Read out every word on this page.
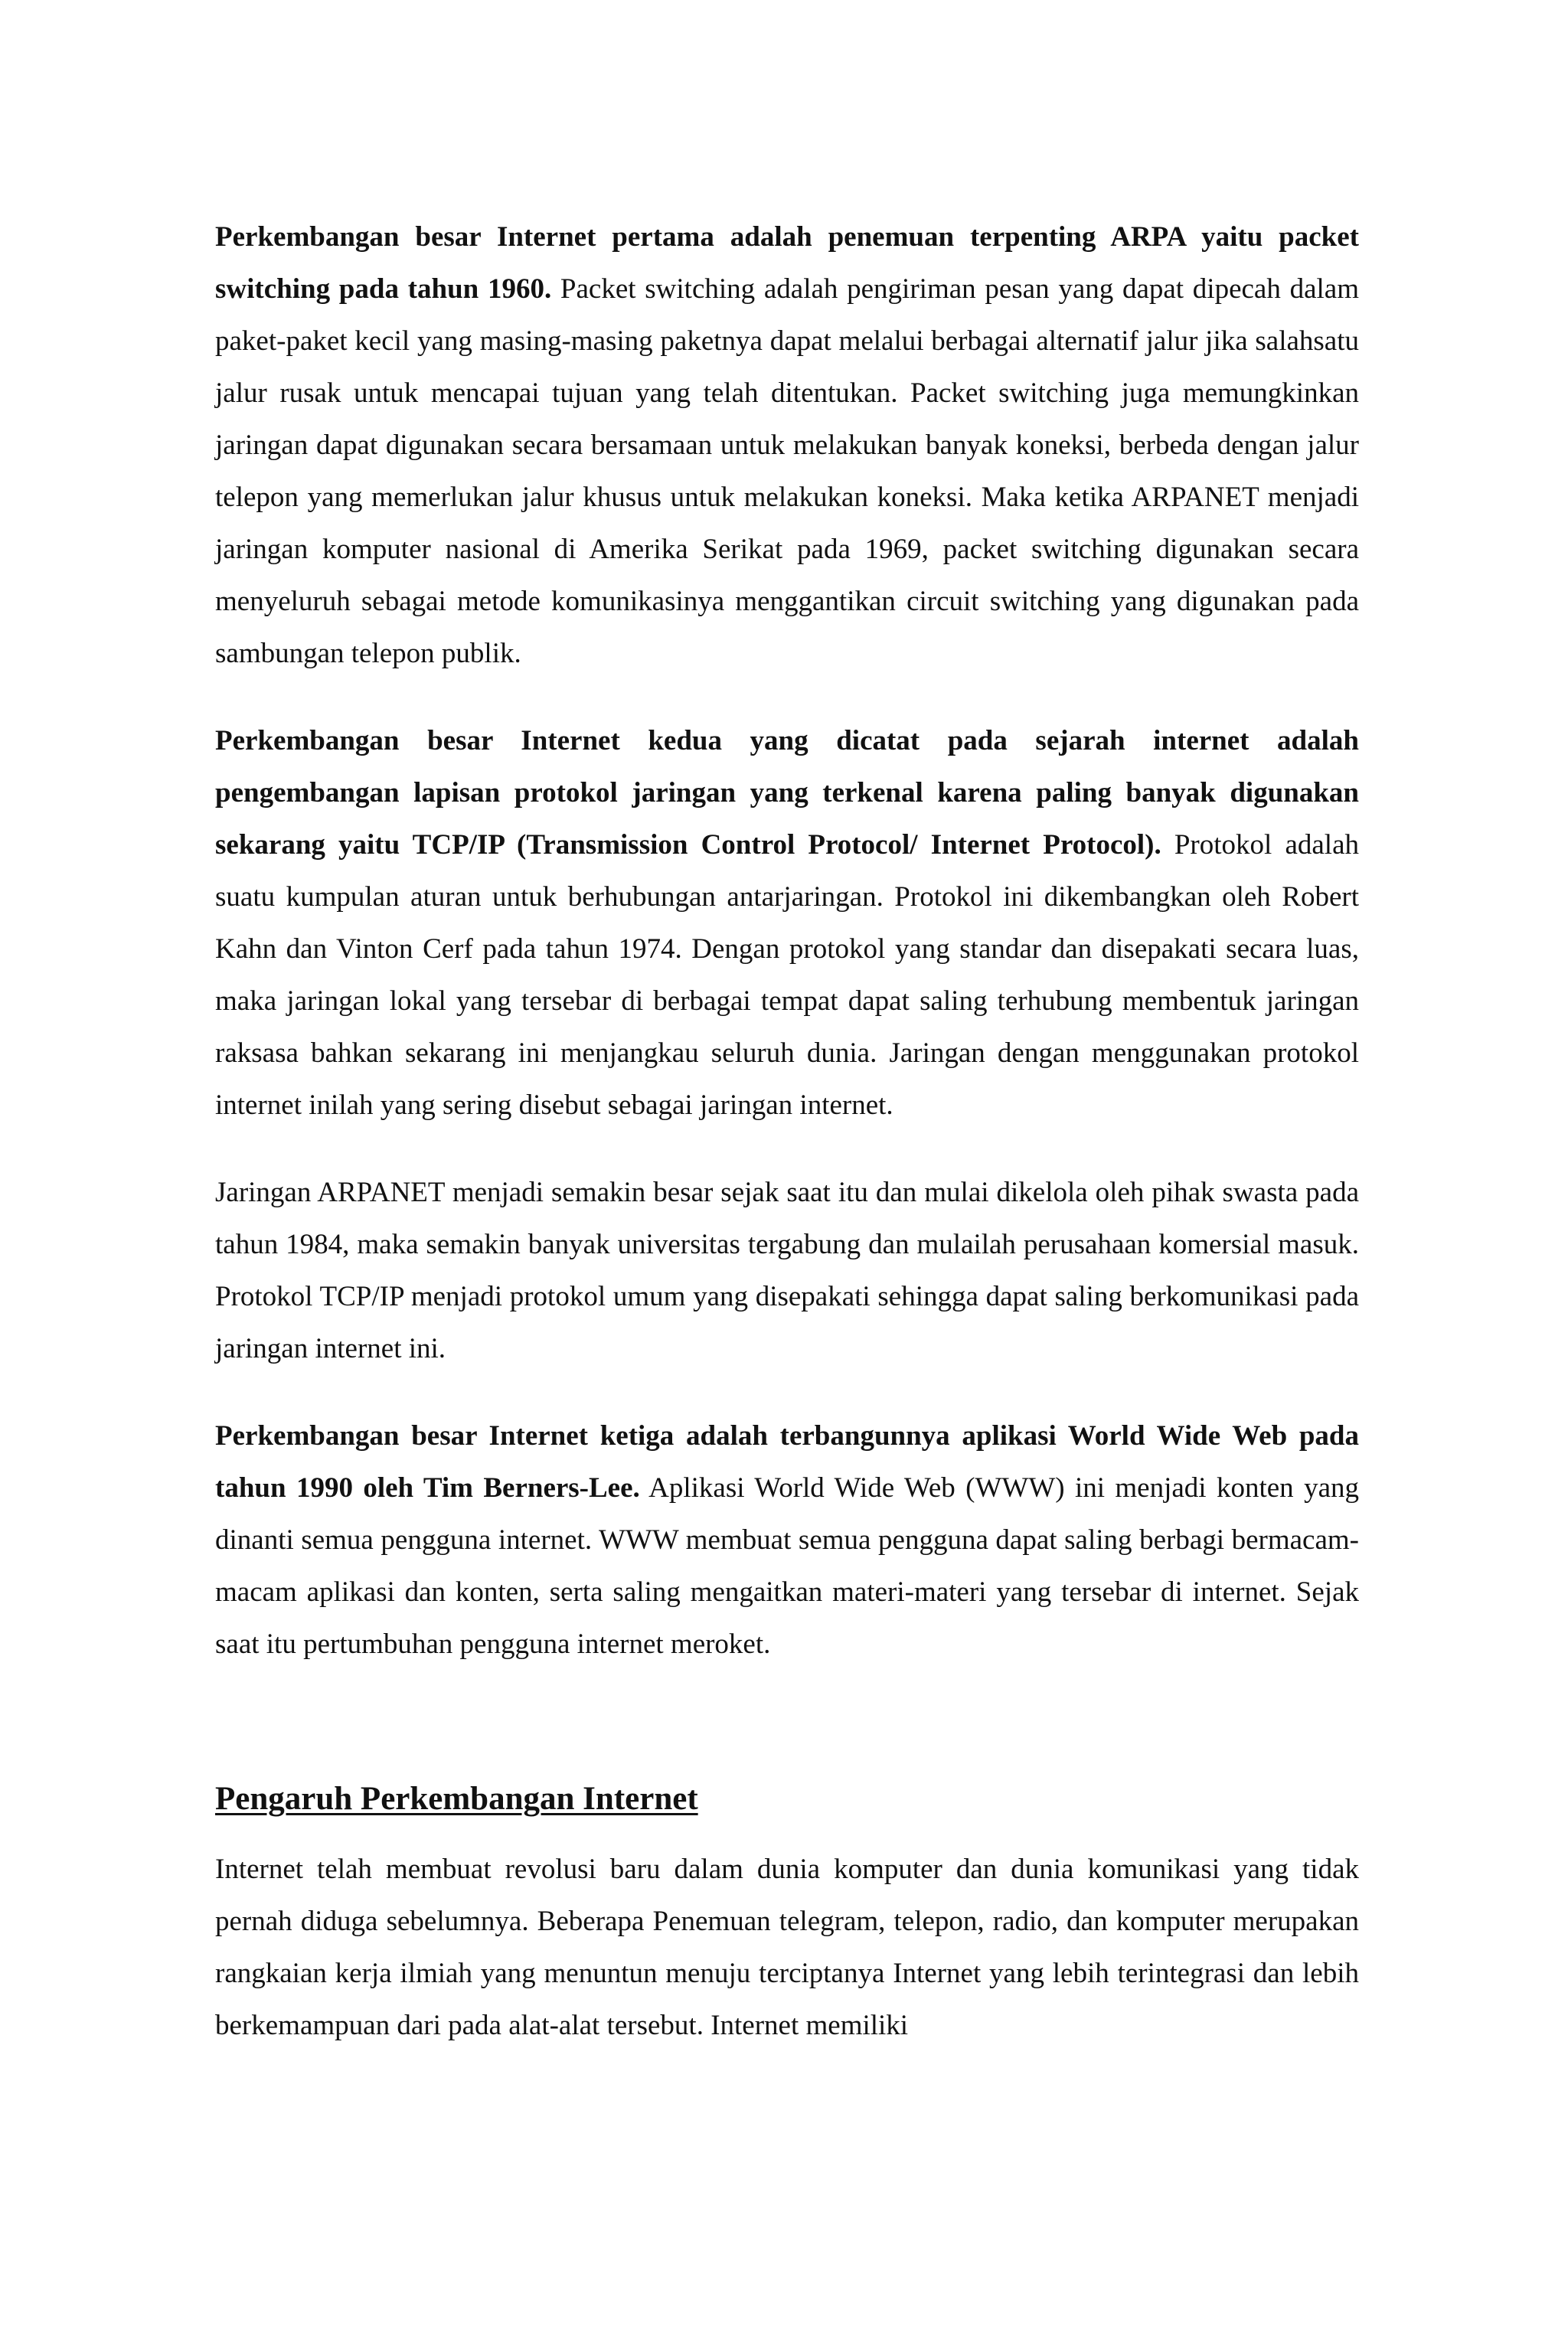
Perkembangan besar Internet pertama adalah penemuan terpenting ARPA yaitu packet switching pada tahun 1960. Packet switching adalah pengiriman pesan yang dapat dipecah dalam paket-paket kecil yang masing-masing paketnya dapat melalui berbagai alternatif jalur jika salahsatu jalur rusak untuk mencapai tujuan yang telah ditentukan. Packet switching juga memungkinkan jaringan dapat digunakan secara bersamaan untuk melakukan banyak koneksi, berbeda dengan jalur telepon yang memerlukan jalur khusus untuk melakukan koneksi. Maka ketika ARPANET menjadi jaringan komputer nasional di Amerika Serikat pada 1969, packet switching digunakan secara menyeluruh sebagai metode komunikasinya menggantikan circuit switching yang digunakan pada sambungan telepon publik.

Perkembangan besar Internet kedua yang dicatat pada sejarah internet adalah pengembangan lapisan protokol jaringan yang terkenal karena paling banyak digunakan sekarang yaitu TCP/IP (Transmission Control Protocol/ Internet Protocol). Protokol adalah suatu kumpulan aturan untuk berhubungan antarjaringan. Protokol ini dikembangkan oleh Robert Kahn dan Vinton Cerf pada tahun 1974. Dengan protokol yang standar dan disepakati secara luas, maka jaringan lokal yang tersebar di berbagai tempat dapat saling terhubung membentuk jaringan raksasa bahkan sekarang ini menjangkau seluruh dunia. Jaringan dengan menggunakan protokol internet inilah yang sering disebut sebagai jaringan internet.

Jaringan ARPANET menjadi semakin besar sejak saat itu dan mulai dikelola oleh pihak swasta pada tahun 1984, maka semakin banyak universitas tergabung dan mulailah perusahaan komersial masuk. Protokol TCP/IP menjadi protokol umum yang disepakati sehingga dapat saling berkomunikasi pada jaringan internet ini.

Perkembangan besar Internet ketiga adalah terbangunnya aplikasi World Wide Web pada tahun 1990 oleh Tim Berners-Lee. Aplikasi World Wide Web (WWW) ini menjadi konten yang dinanti semua pengguna internet. WWW membuat semua pengguna dapat saling berbagi bermacam-macam aplikasi dan konten, serta saling mengaitkan materi-materi yang tersebar di internet. Sejak saat itu pertumbuhan pengguna internet meroket.

Pengaruh Perkembangan Internet

Internet telah membuat revolusi baru dalam dunia komputer dan dunia komunikasi yang tidak pernah diduga sebelumnya. Beberapa Penemuan telegram, telepon, radio, dan komputer merupakan rangkaian kerja ilmiah yang menuntun menuju terciptanya Internet yang lebih terintegrasi dan lebih berkemampuan dari pada alat-alat tersebut. Internet memiliki
